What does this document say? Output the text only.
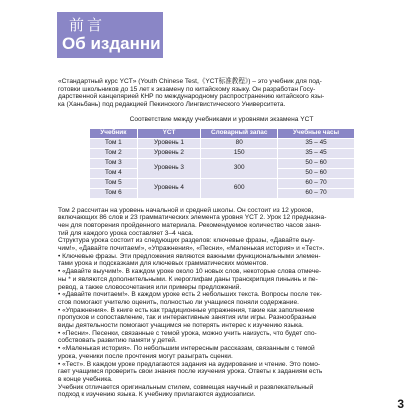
前言
Об изданни

«Стандартный курс YCT» (Youth Chinese Test,《YCT标准教程》) – это учебник для под-

готовки школьников до 15 лет к экзамену по китайскому языку. Он разработан Госу-

дарственной канцелярией КНР по международному распространению китайского язы-

ка (Ханьбань) под редакцией Пекинского Лингвистического Университета.

Соответствие между учебниками и уровнями экзамена YCT
Учебник	YCT	Словарный запас	Учебные часы
Том 1	Уровень 1	80	35 – 45
Том 2	Уровень 2	150	35 – 45
Том 3	Уровень 3	300	50 – 60
Том 4			50 – 60
Том 5	Уровень 4	600	60 – 70
Том 6			60 – 70

Том 2 рассчитан на уровень начальной и средней школы. Он состоит из 12 уроков,

включающих 86 слов и 23 грамматических элемента уровня YCT 2. Урок 12 предназна-

чен для повторения пройденного материала. Рекомендуемое количество часов заня-

тий для каждого урока составляет 3–4 часа.

Структура урока состоит из следующих разделов: ключевые фразы, «Давайте выу-

чим!», «Давайте почитаем!», «Упражнения», «Песни», «Маленькая история» и «Тест».

• Ключевые фразы. Эти предложения являются важными функциональными элемен-

тами урока и подсказками для ключевых грамматических моментов.

• «Давайте выучим!». В каждом уроке около 10 новых слов, некоторые слова отмече-

ны * и являются дополнительными. К иероглифам даны транскрипция пиньинь и пе-

ревод, а также словосочетания или примеры предложений.

• «Давайте почитаем!». В каждом уроке есть 2 небольших текста. Вопросы после тек-

стов помогают учителю оценить, полностью ли учащиеся поняли содержание.

• «Упражнения». В книге есть как традиционные упражнения, такие как заполнение

пропусков и сопоставление, так и интерактивные занятия или игры. Разнообразные

виды деятельности помогают учащимся не потерять интерес к изучению языка.

• «Песни». Песенки, связанные с темой урока, можно учить наизусть, что будет спо-

собствовать развитию памяти у детей.

• «Маленькая история». По небольшим интересным рассказам, связанным с темой

урока, ученики после прочтения могут разыграть сценки.

• «Тест». В каждом уроке предлагаются задания на аудирование и чтение. Это помо-

гает учащимся проверить свои знания после изучения урока. Ответы к заданиям есть

в конце учебника.

Учебник отличается оригинальным стилем, совмещая научный и развлекательный

подход к изучению языка. К учебнику прилагаются аудиозаписи.

3
